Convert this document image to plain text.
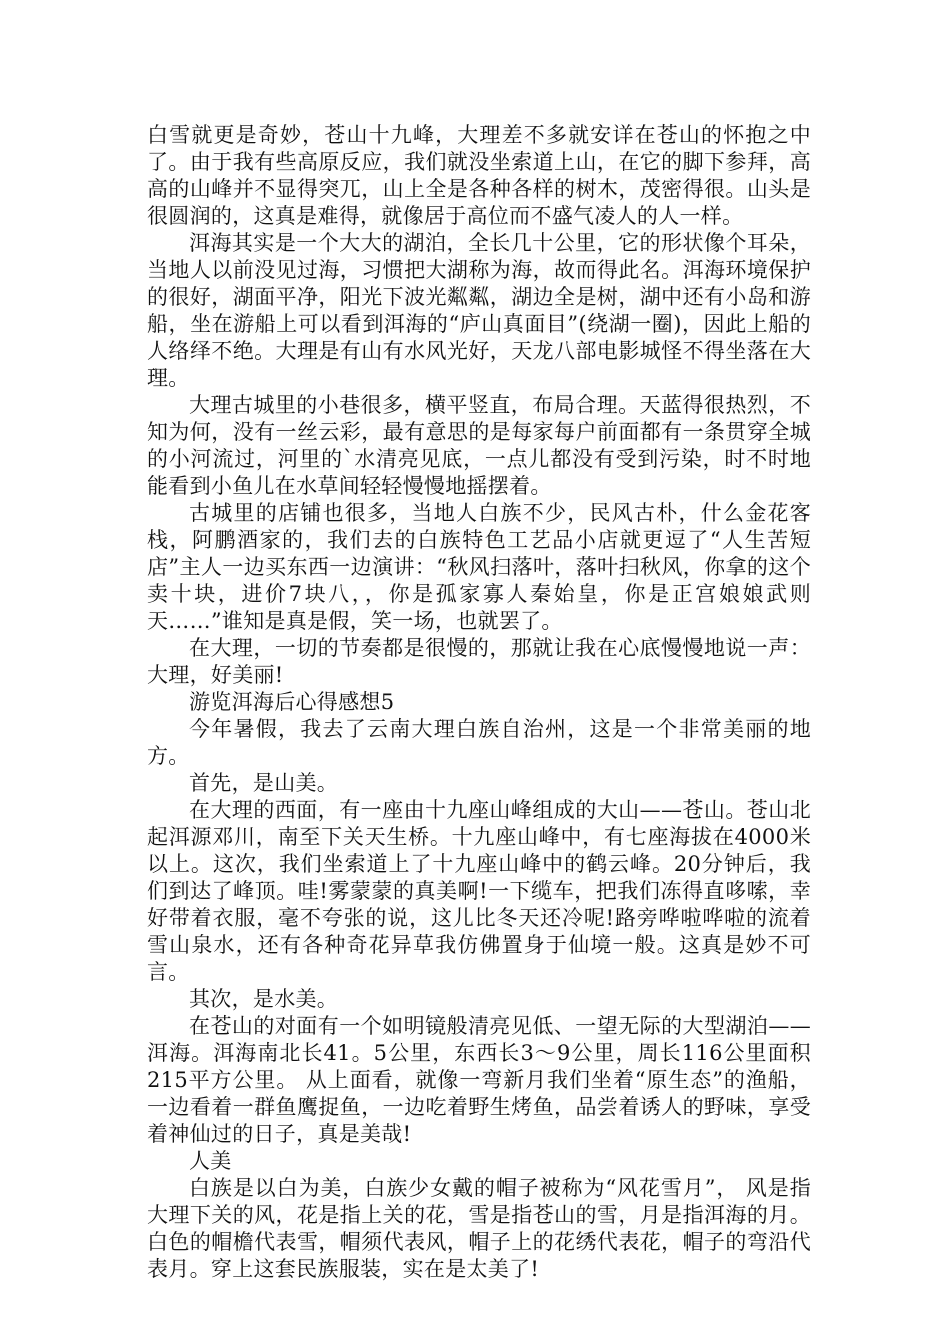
白雪就更是奇妙，苍山十九峰，大理差不多就安详在苍山的怀抱之中了。由于我有些高原反应，我们就没坐索道上山，在它的脚下参拜，高高的山峰并不显得突兀，山上全是各种各样的树木，茂密得很。山头是很圆润的，这真是难得，就像居于高位而不盛气凌人的人一样。

洱海其实是一个大大的湖泊，全长几十公里，它的形状像个耳朵，当地人以前没见过海，习惯把大湖称为海，故而得此名。洱海环境保护的很好，湖面平净，阳光下波光粼粼，湖边全是树，湖中还有小岛和游船，坐在游船上可以看到洱海的“庐山真面目”(绕湖一圈)，因此上船的人络绎不绝。大理是有山有水风光好，天龙八部电影城怪不得坐落在大理。

大理古城里的小巷很多，横平竖直，布局合理。天蓝得很热烈，不知为何，没有一丝云彩，最有意思的是每家每户前面都有一条贯穿全城的小河流过，河里的`水清亮见底，一点儿都没有受到污染，时不时地能看到小鱼儿在水草间轻轻慢慢地摇摆着。

古城里的店铺也很多，当地人白族不少，民风古朴，什么金花客栈，阿鹏酒家的，我们去的白族特色工艺品小店就更逗了“人生苦短店”主人一边买东西一边演讲：“秋风扫落叶，落叶扫秋风，你拿的这个卖十块，进价7块八，，你是孤家寡人秦始皇，你是正宫娘娘武则天……”谁知是真是假，笑一场，也就罢了。

在大理，一切的节奏都是很慢的，那就让我在心底慢慢地说一声：大理，好美丽!

游览洱海后心得感想5

今年暑假，我去了云南大理白族自治州，这是一个非常美丽的地方。

首先，是山美。

在大理的西面，有一座由十九座山峰组成的大山——苍山。苍山北起洱源邓川，南至下关天生桥。十九座山峰中，有七座海拔在4000米以上。这次，我们坐索道上了十九座山峰中的鹤云峰。20分钟后，我们到达了峰顶。哇!雾蒙蒙的真美啊!一下缆车，把我们冻得直哆嗦，幸好带着衣服，毫不夸张的说，这儿比冬天还冷呢!路旁哗啦哗啦的流着雪山泉水，还有各种奇花异草我仿佛置身于仙境一般。这真是妙不可言。

其次，是水美。

在苍山的对面有一个如明镜般清亮见低、一望无际的大型湖泊——洱海。洱海南北长41。5公里，东西长3～9公里，周长116公里面积215平方公里。 从上面看，就像一弯新月我们坐着“原生态”的渔船，一边看着一群鱼鹰捉鱼，一边吃着野生烤鱼，品尝着诱人的野味，享受着神仙过的日子，真是美哉!

人美

白族是以白为美，白族少女戴的帽子被称为“风花雪月”， 风是指大理下关的风，花是指上关的花，雪是指苍山的雪，月是指洱海的月。白色的帽檐代表雪，帽须代表风，帽子上的花绣代表花，帽子的弯沿代表月。穿上这套民族服装，实在是太美了!
